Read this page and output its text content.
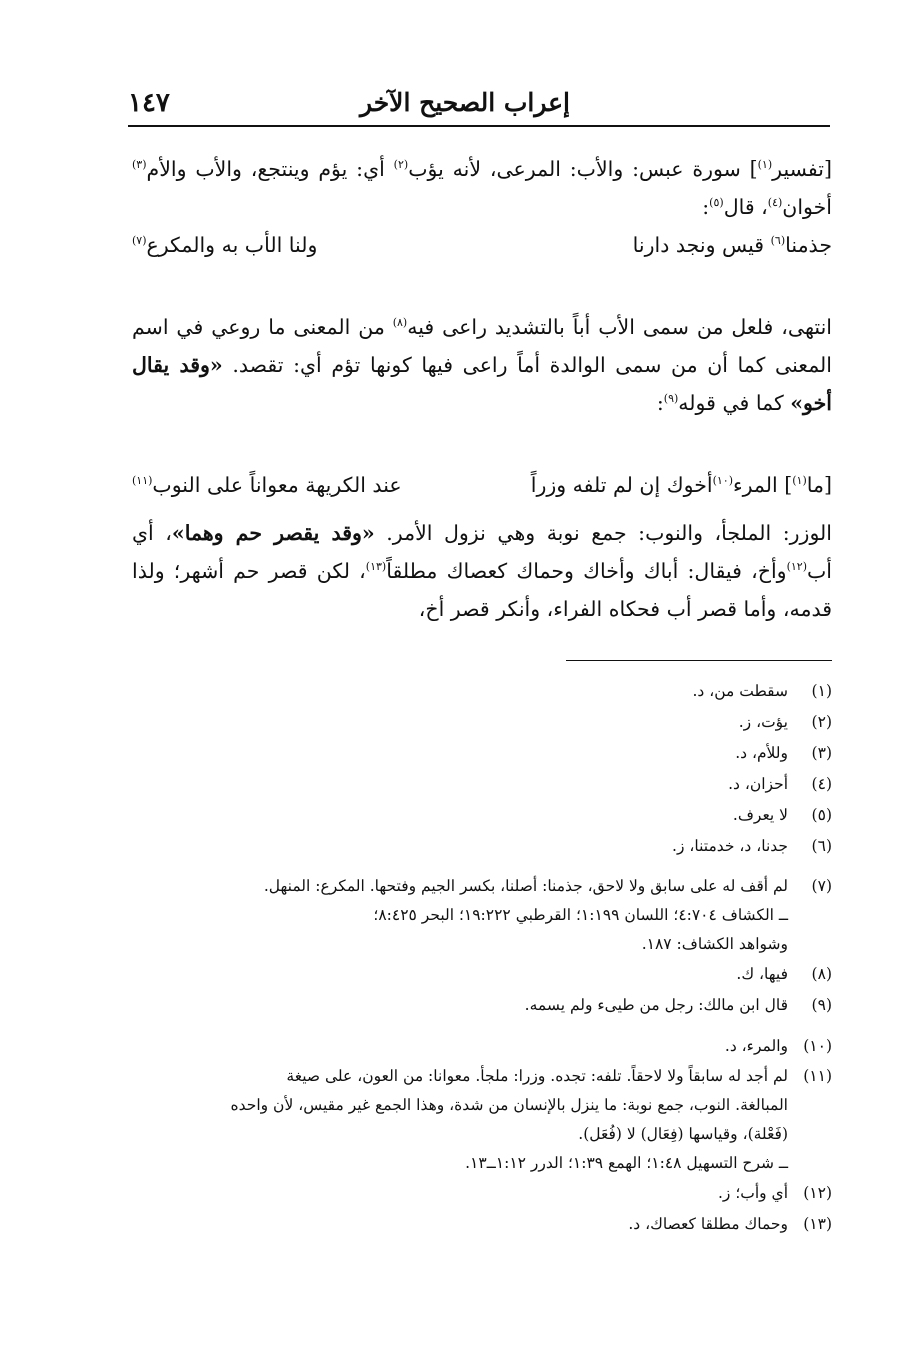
١٤٧	إعراب الصحيح الآخر

[تفسير$^{(١)}$] سورة عبس: والأب: المرعى، لأنه يؤب$^{(٢)}$ أي: يؤم وينتجع، والأب والأم$^{(٣)}$ أخوان$^{(٤)}$، قال$^{(٥)}$:

جذمنا$^{(٦)}$ قيس ونجد دارنا
ولنا الأب به والمكرع$^{(٧)}$

انتهى، فلعل من سمى الأب أباً بالتشديد راعى فيه$^{(٨)}$ من المعنى ما روعي في اسم المعنى كما أن من سمى الوالدة أماً راعى فيها كونها تؤم أي: تقصد. «وقد يقال أخو» كما في قوله$^{(٩)}$:

[ما$^{(١)}$] المرء$^{(١٠)}$أخوك إن لم تلفه وزراً
عند الكريهة معواناً على النوب$^{(١١)}$

الوزر: الملجأ، والنوب: جمع نوبة وهي نزول الأمر. «وقد يقصر حم وهما»، أي أب$^{(١٢)}$وأخ، فيقال: أباك وأخاك وحماك كعصاك مطلقاً$^{(١٣)}$، لكن قصر حم أشهر؛ ولذا قدمه، وأما قصر أب فحكاه الفراء، وأنكر قصر أخ،

(١)
سقطت من، د.

(٢)
يؤت، ز.

(٣)
وللأم، د.

(٤)
أحزان، د.

(٥)
لا يعرف.

(٦)
جدنا، د، خدمتنا، ز.

(٧)
لم أقف له على سابق ولا لاحق، جذمنا: أصلنا، بكسر الجيم وفتحها. المكرع: المنهل.
ــ الكشاف ٤:٧٠٤؛ اللسان ١:١٩٩؛ القرطبي ١٩:٢٢٢؛ البحر ٨:٤٢٥؛
وشواهد الكشاف: ١٨٧.

(٨)
فيها، ك.

(٩)
قال ابن مالك: رجل من طيىء ولم يسمه.

(١٠)
والمرء، د.

(١١)
لم أجد له سابقاً ولا لاحقاً. تلفه: تجده. وزرا: ملجأ. معوانا: من العون، على صيغة
المبالغة. النوب، جمع نوبة: ما ينزل بالإنسان من شدة، وهذا الجمع غير مقيس، لأن واحده
(فَعْلة)، وقياسها (فِعَال) لا (فُعَل).
ــ شرح التسهيل ١:٤٨؛ الهمع ١:٣٩؛ الدرر ١:١٢ــ١٣.

(١٢)
أي وأب؛ ز.

(١٣)
وحماك مطلقا كعصاك، د.
